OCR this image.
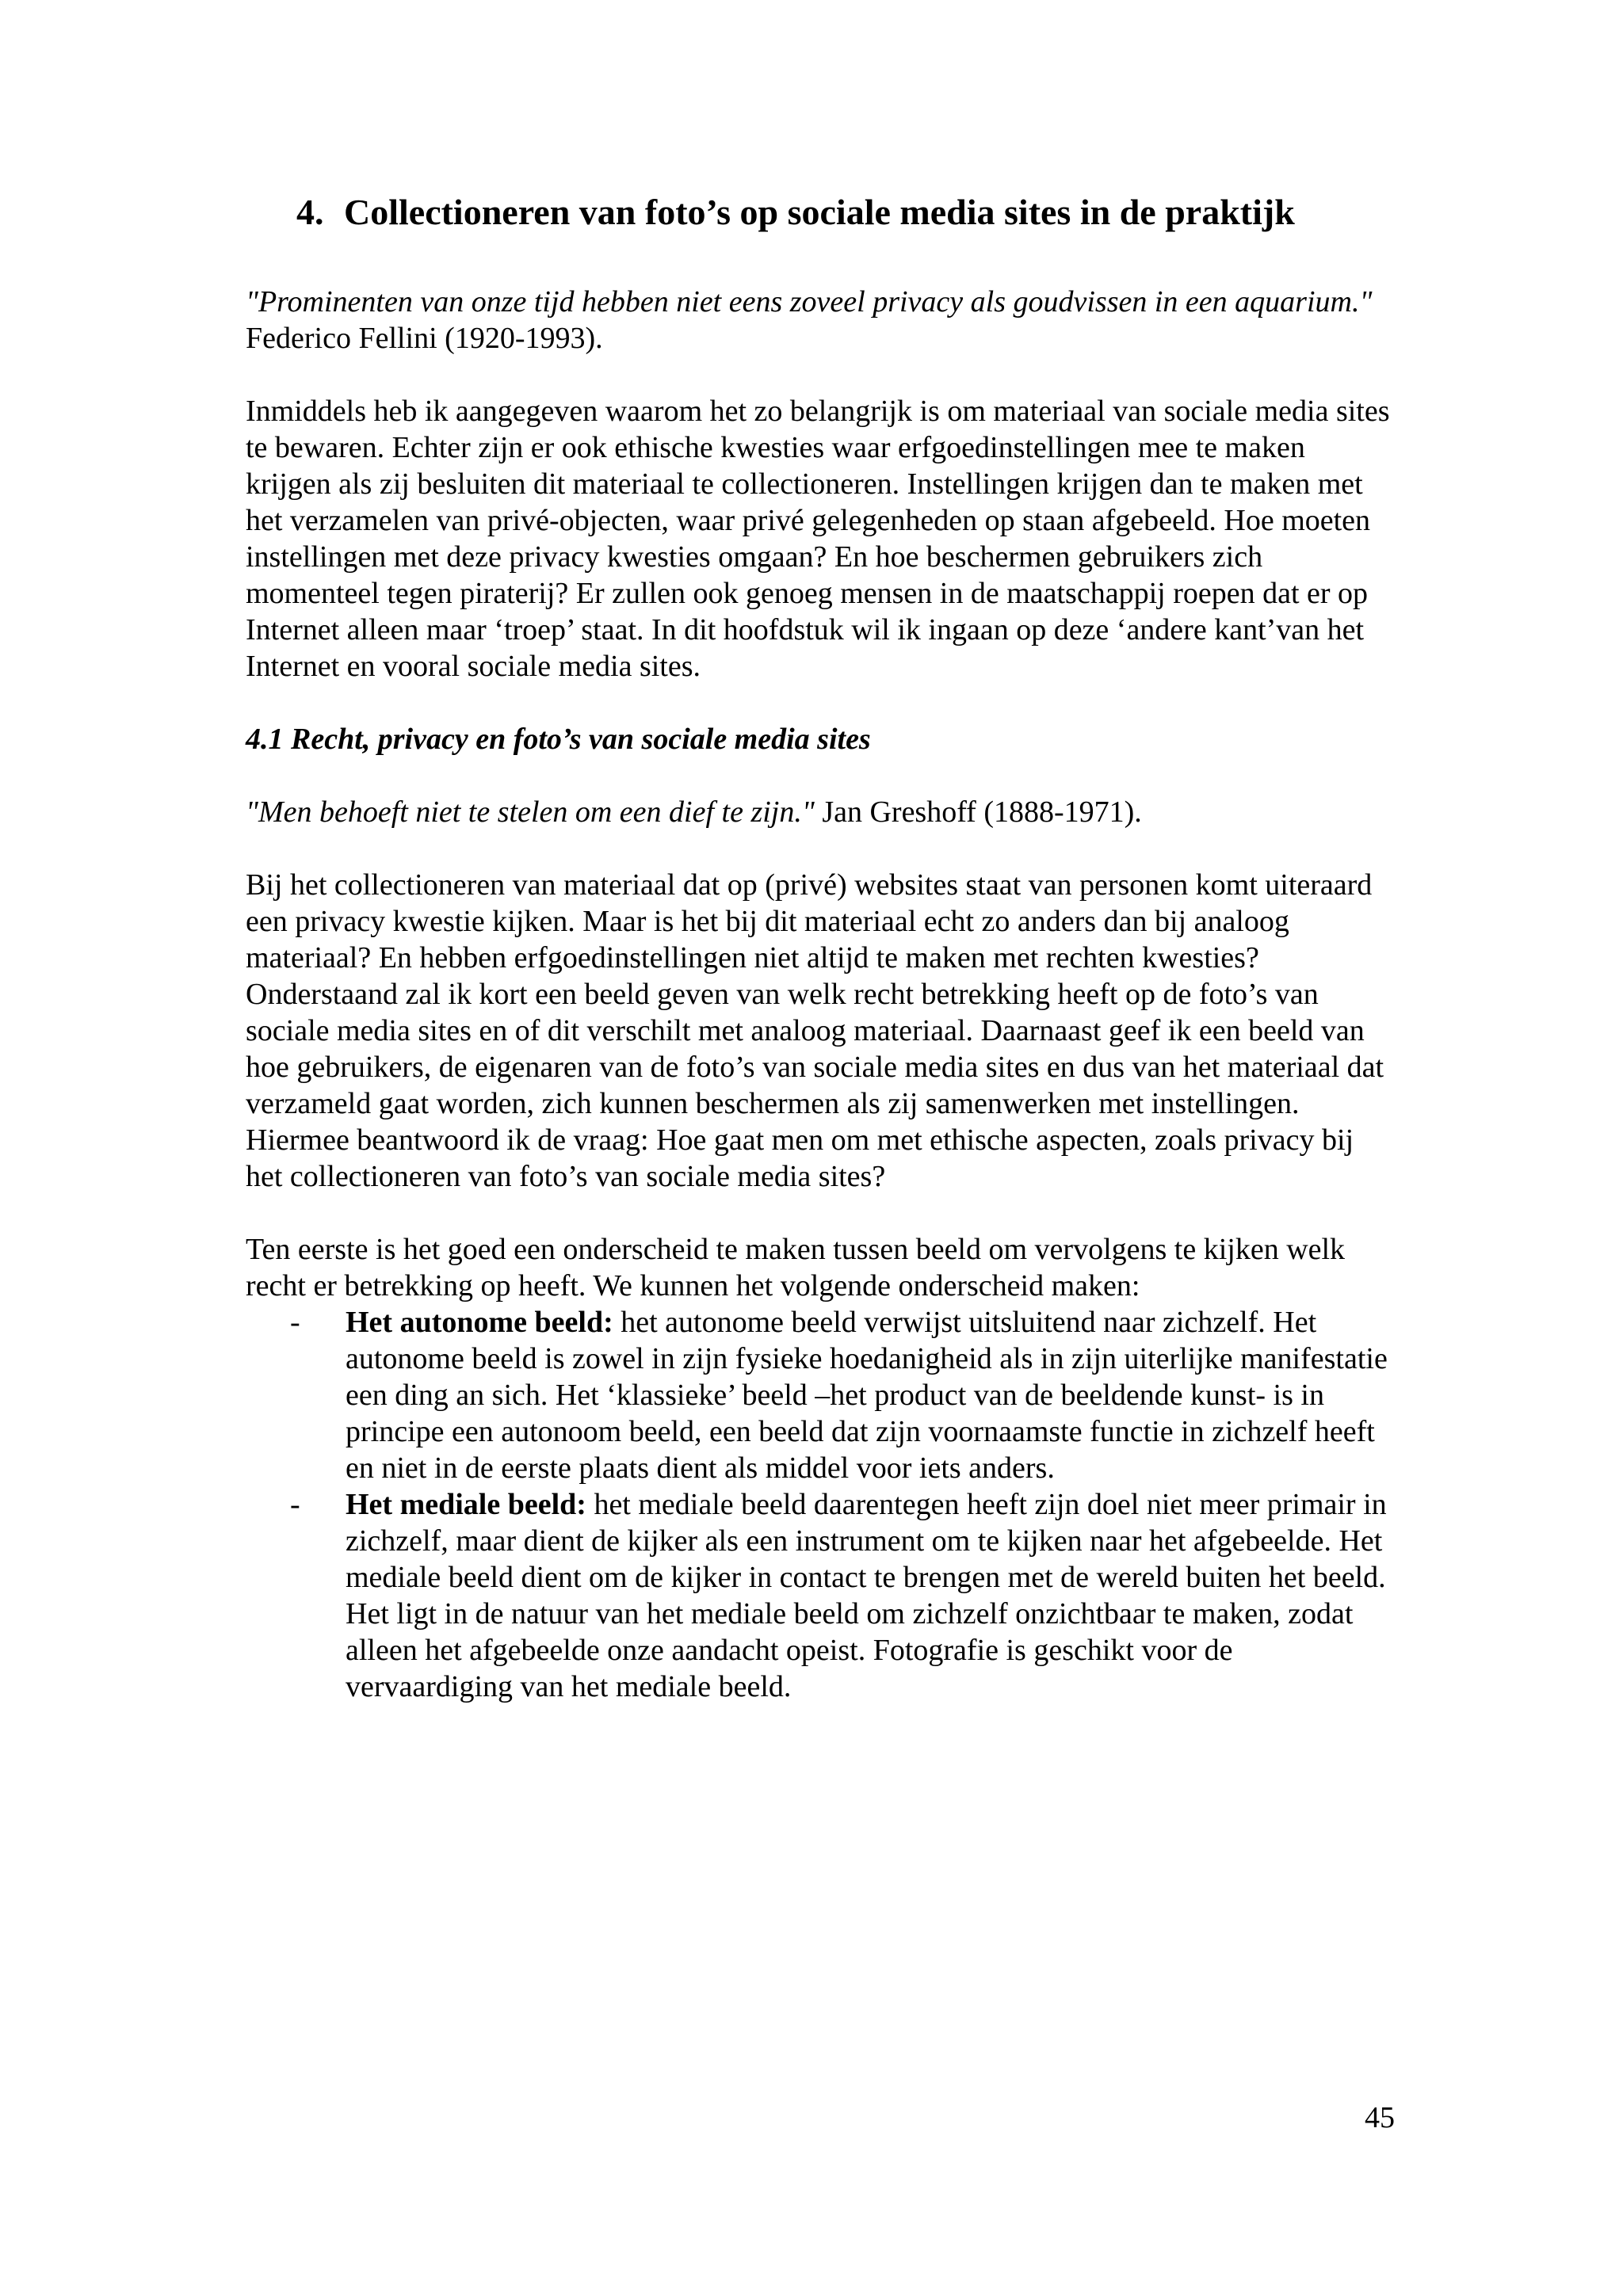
4. Collectioneren van foto’s op sociale media sites in de praktijk
"Prominenten van onze tijd hebben niet eens zoveel privacy als goudvissen in een aquarium." Federico Fellini (1920-1993).

Inmiddels heb ik aangegeven waarom het zo belangrijk is om materiaal van sociale media sites te bewaren. Echter zijn er ook ethische kwesties waar erfgoedinstellingen mee te maken krijgen als zij besluiten dit materiaal te collectioneren. Instellingen krijgen dan te maken met het verzamelen van privé-objecten, waar privé gelegenheden op staan afgebeeld. Hoe moeten instellingen met deze privacy kwesties omgaan? En hoe beschermen gebruikers zich momenteel tegen piraterij? Er zullen ook genoeg mensen in de maatschappij roepen dat er op Internet alleen maar ‘troep’ staat. In dit hoofdstuk wil ik ingaan op deze ‘andere kant’van het Internet en vooral sociale media sites.

4.1 Recht, privacy en foto’s van sociale media sites
"Men behoeft niet te stelen om een dief te zijn." Jan Greshoff (1888-1971).

Bij het collectioneren van materiaal dat op (privé) websites staat van personen komt uiteraard een privacy kwestie kijken. Maar is het bij dit materiaal echt zo anders dan bij analoog materiaal? En hebben erfgoedinstellingen niet altijd te maken met rechten kwesties? Onderstaand zal ik kort een beeld geven van welk recht betrekking heeft op de foto’s van sociale media sites en of dit verschilt met analoog materiaal. Daarnaast geef ik een beeld van hoe gebruikers, de eigenaren van de foto’s van sociale media sites en dus van het materiaal dat verzameld gaat worden, zich kunnen beschermen als zij samenwerken met instellingen. Hiermee beantwoord ik de vraag: Hoe gaat men om met ethische aspecten, zoals privacy bij het collectioneren van foto’s van sociale media sites?

Ten eerste is het goed een onderscheid te maken tussen beeld om vervolgens te kijken welk recht er betrekking op heeft. We kunnen het volgende onderscheid maken:

- Het autonome beeld: het autonome beeld verwijst uitsluitend naar zichzelf. Het autonome beeld is zowel in zijn fysieke hoedanigheid als in zijn uiterlijke manifestatie een ding an sich. Het ‘klassieke’ beeld –het product van de beeldende kunst- is in principe een autonoom beeld, een beeld dat zijn voornaamste functie in zichzelf heeft en niet in de eerste plaats dient als middel voor iets anders.
- Het mediale beeld: het mediale beeld daarentegen heeft zijn doel niet meer primair in zichzelf, maar dient de kijker als een instrument om te kijken naar het afgebeelde. Het mediale beeld dient om de kijker in contact te brengen met de wereld buiten het beeld. Het ligt in de natuur van het mediale beeld om zichzelf onzichtbaar te maken, zodat alleen het afgebeelde onze aandacht opeist. Fotografie is geschikt voor de vervaardiging van het mediale beeld.
45
